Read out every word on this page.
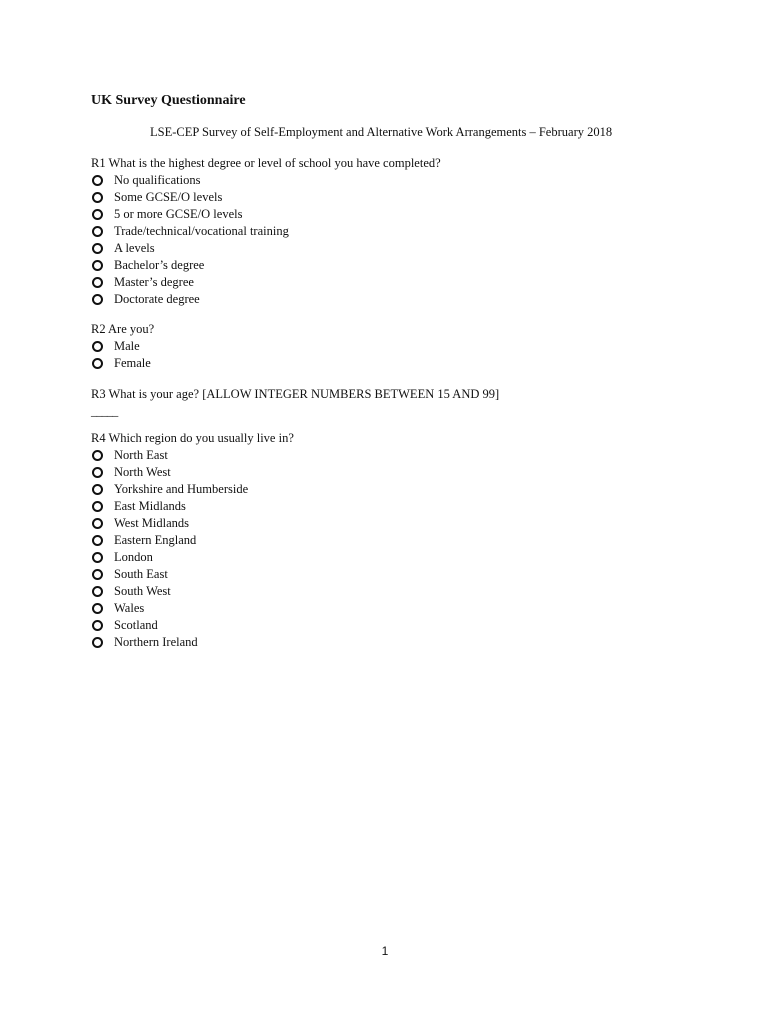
UK Survey Questionnaire

LSE-CEP Survey of Self-Employment and Alternative Work Arrangements – February 2018

R1 What is the highest degree or level of school you have completed?
No qualifications
Some GCSE/O levels
5 or more GCSE/O levels
Trade/technical/vocational training
A levels
Bachelor’s degree
Master’s degree
Doctorate degree
R2 Are you?
Male
Female
R3 What is your age? [ALLOW INTEGER NUMBERS BETWEEN 15 AND 99]
_____
R4 Which region do you usually live in?
North East
North West
Yorkshire and Humberside
East Midlands
West Midlands
Eastern England
London
South East
South West
Wales
Scotland
Northern Ireland
1
